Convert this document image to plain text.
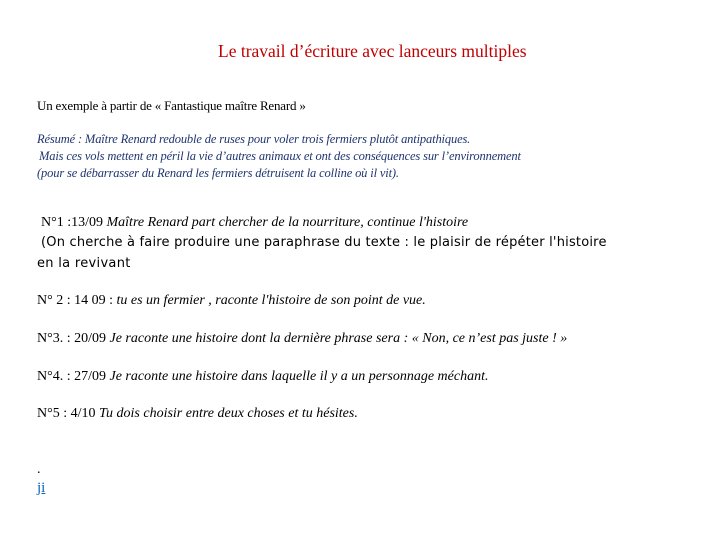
Le travail d’écriture avec lanceurs multiples
Un exemple à partir de « Fantastique maître Renard »
Résumé : Maître Renard redouble de ruses pour voler trois fermiers plutôt antipathiques.
Mais ces vols mettent en péril la vie d’autres animaux et ont des conséquences sur l’environnement
(pour se débarrasser du Renard les fermiers détruisent la colline où il vit).
N°1 :13/09 Maître Renard part chercher de la nourriture, continue l'histoire
(On cherche à faire produire une paraphrase du texte : le plaisir de répéter l'histoire
en la revivant
N° 2 : 14 09 : tu es un fermier , raconte l'histoire de son point de vue.
N°3. : 20/09 Je raconte une histoire dont la dernière phrase sera : « Non, ce n’est pas juste ! »
N°4. : 27/09 Je raconte une histoire dans laquelle il y a un personnage méchant.
N°5 : 4/10 Tu dois choisir entre deux choses et tu hésites.
.
ji
